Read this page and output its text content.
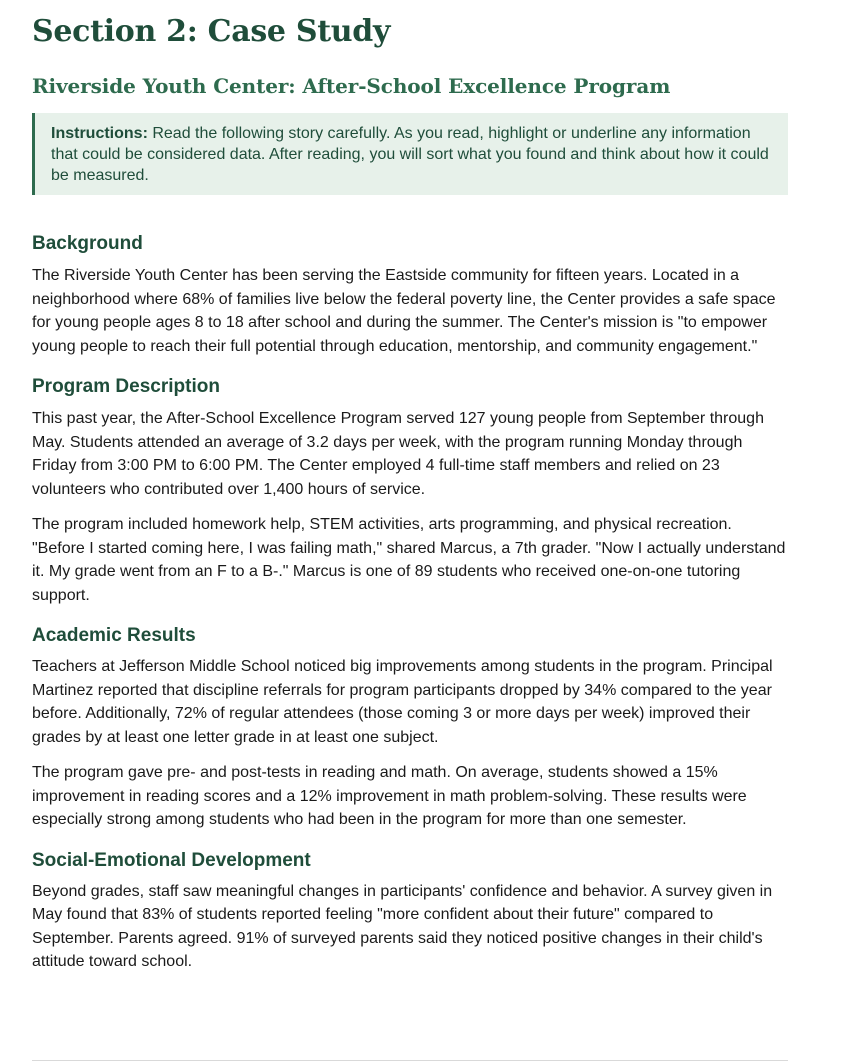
Section 2: Case Study
Riverside Youth Center: After-School Excellence Program
Instructions: Read the following story carefully. As you read, highlight or underline any information that could be considered data. After reading, you will sort what you found and think about how it could be measured.
Background

The Riverside Youth Center has been serving the Eastside community for fifteen years. Located in a neighborhood where 68% of families live below the federal poverty line, the Center provides a safe space for young people ages 8 to 18 after school and during the summer. The Center's mission is "to empower young people to reach their full potential through education, mentorship, and community engagement."

Program Description

This past year, the After-School Excellence Program served 127 young people from September through May. Students attended an average of 3.2 days per week, with the program running Monday through Friday from 3:00 PM to 6:00 PM. The Center employed 4 full-time staff members and relied on 23 volunteers who contributed over 1,400 hours of service.

The program included homework help, STEM activities, arts programming, and physical recreation. "Before I started coming here, I was failing math," shared Marcus, a 7th grader. "Now I actually understand it. My grade went from an F to a B-." Marcus is one of 89 students who received one-on-one tutoring support.

Academic Results

Teachers at Jefferson Middle School noticed big improvements among students in the program. Principal Martinez reported that discipline referrals for program participants dropped by 34% compared to the year before. Additionally, 72% of regular attendees (those coming 3 or more days per week) improved their grades by at least one letter grade in at least one subject.

The program gave pre- and post-tests in reading and math. On average, students showed a 15% improvement in reading scores and a 12% improvement in math problem-solving. These results were especially strong among students who had been in the program for more than one semester.

Social-Emotional Development

Beyond grades, staff saw meaningful changes in participants' confidence and behavior. A survey given in May found that 83% of students reported feeling "more confident about their future" compared to September. Parents agreed. 91% of surveyed parents said they noticed positive changes in their child's attitude toward school.
